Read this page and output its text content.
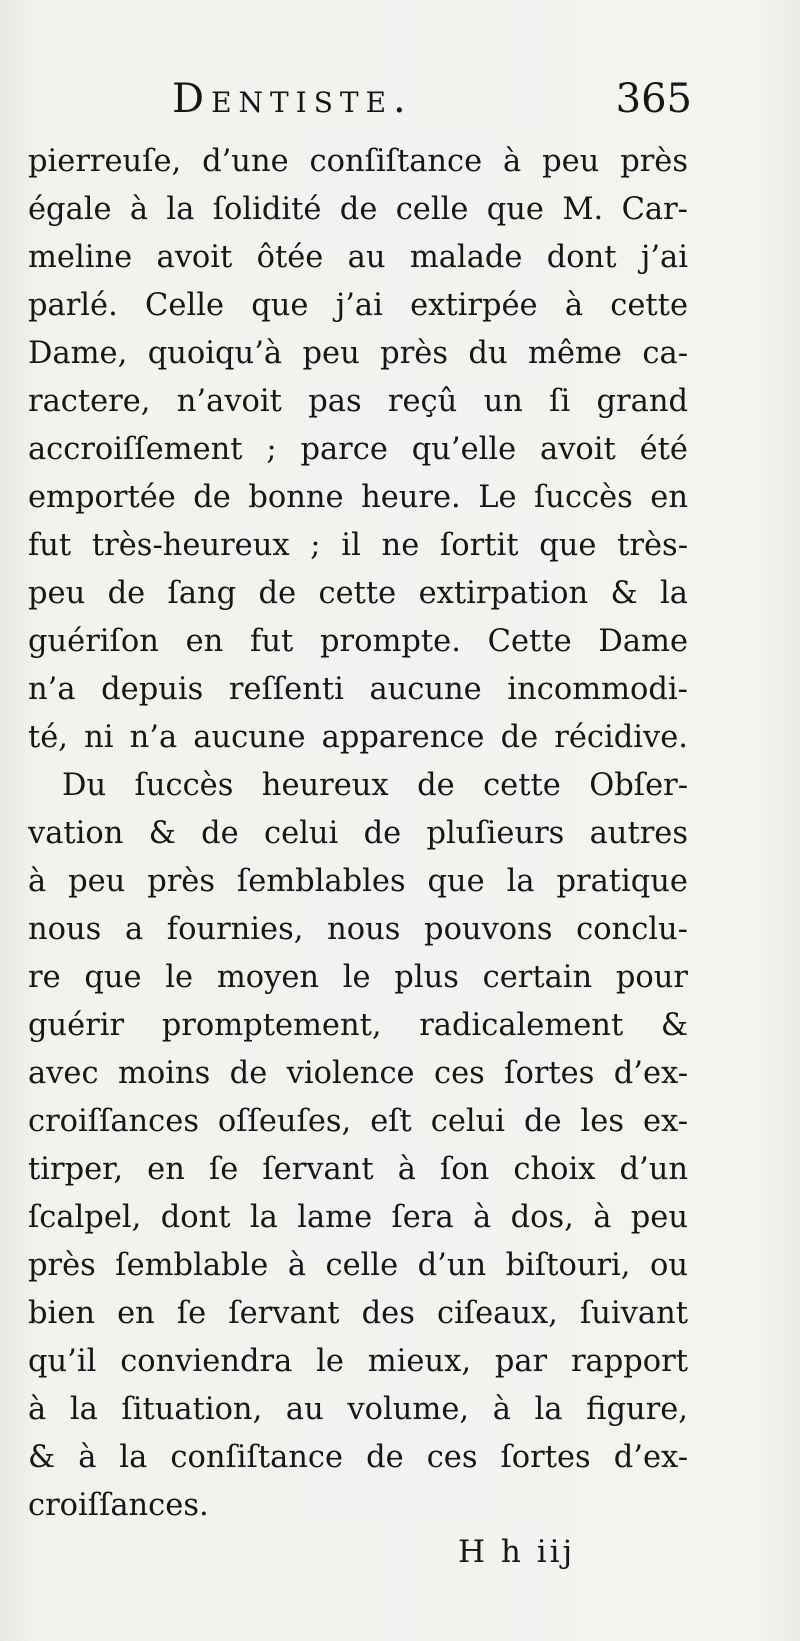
Dentiste.	365
pierreuſe, d’une conſiſtance à peu près
égale à la ſolidité de celle que M. Car-
meline avoit ôtée au malade dont j’ai
parlé. Celle que j’ai extirpée à cette
Dame, quoiqu’à peu près du même ca-
ractere, n’avoit pas reçû un ſi grand
accroiſſement ; parce qu’elle avoit été
emportée de bonne heure. Le ſuccès en
fut très-heureux ; il ne ſortit que très-
peu de ſang de cette extirpation & la
guériſon en fut prompte. Cette Dame
n’a depuis reſſenti aucune incommodi-
té, ni n’a aucune apparence de récidive.
Du ſuccès heureux de cette Obſer-
vation & de celui de pluſieurs autres
à peu près ſemblables que la pratique
nous a fournies, nous pouvons conclu-
re que le moyen le plus certain pour
guérir promptement, radicalement &
avec moins de violence ces ſortes d’ex-
croiſſances oſſeuſes, eſt celui de les ex-
tirper, en ſe ſervant à ſon choix d’un
ſcalpel, dont la lame ſera à dos, à peu
près ſemblable à celle d’un biſtouri, ou
bien en ſe ſervant des ciſeaux, ſuivant
qu’il conviendra le mieux, par rapport
à la ſituation, au volume, à la figure,
& à la conſiſtance de ces ſortes d’ex-
croiſſances.
H h iij
